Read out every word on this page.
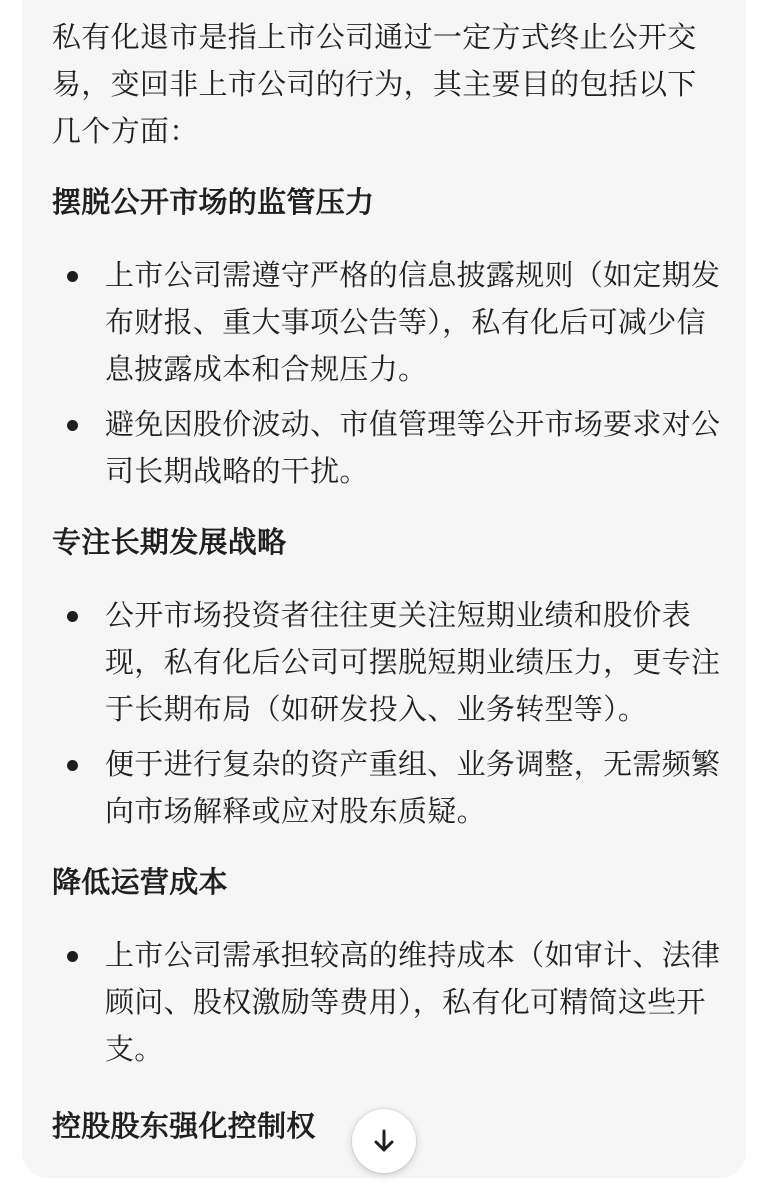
私有化退市是指上市公司通过一定方式终止公开交易，变回非上市公司的行为，其主要目的包括以下几个方面：

摆脱公开市场的监管压力

上市公司需遵守严格的信息披露规则（如定期发布财报、重大事项公告等），私有化后可减少信息披露成本和合规压力。
避免因股价波动、市值管理等公开市场要求对公司长期战略的干扰。

专注长期发展战略

公开市场投资者往往更关注短期业绩和股价表现，私有化后公司可摆脱短期业绩压力，更专注于长期布局（如研发投入、业务转型等）。
便于进行复杂的资产重组、业务调整，无需频繁向市场解释或应对股东质疑。

降低运营成本

上市公司需承担较高的维持成本（如审计、法律顾问、股权激励等费用），私有化可精简这些开支。

控股股东强化控制权
